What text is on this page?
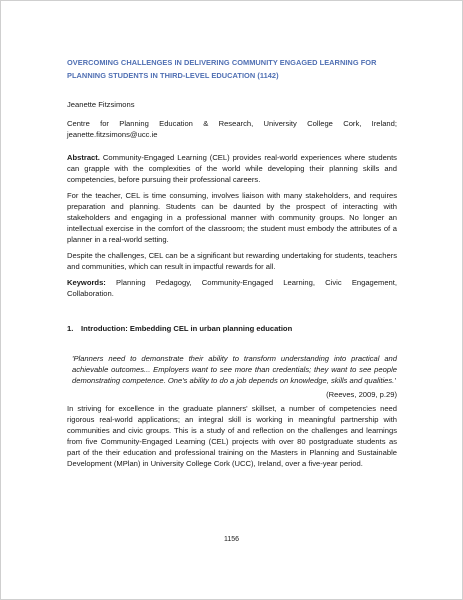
OVERCOMING CHALLENGES IN DELIVERING COMMUNITY ENGAGED LEARNING FOR PLANNING STUDENTS IN THIRD-LEVEL EDUCATION (1142)
Jeanette Fitzsimons
Centre for Planning Education & Research, University College Cork, Ireland; jeanette.fitzsimons@ucc.ie
Abstract. Community-Engaged Learning (CEL) provides real-world experiences where students can grapple with the complexities of the world while developing their planning skills and competencies, before pursuing their professional careers.
For the teacher, CEL is time consuming, involves liaison with many stakeholders, and requires preparation and planning. Students can be daunted by the prospect of interacting with stakeholders and engaging in a professional manner with community groups. No longer an intellectual exercise in the comfort of the classroom; the student must embody the attributes of a planner in a real-world setting.
Despite the challenges, CEL can be a significant but rewarding undertaking for students, teachers and communities, which can result in impactful rewards for all.
Keywords: Planning Pedagogy, Community-Engaged Learning, Civic Engagement, Collaboration.
1. Introduction: Embedding CEL in urban planning education
'Planners need to demonstrate their ability to transform understanding into practical and achievable outcomes... Employers want to see more than credentials; they want to see people demonstrating competence. One's ability to do a job depends on knowledge, skills and qualities.'
(Reeves, 2009, p.29)
In striving for excellence in the graduate planners' skillset, a number of competencies need rigorous real-world applications; an integral skill is working in meaningful partnership with communities and civic groups. This is a study of and reflection on the challenges and learnings from five Community-Engaged Learning (CEL) projects with over 80 postgraduate students as part of the their education and professional training on the Masters in Planning and Sustainable Development (MPlan) in University College Cork (UCC), Ireland, over a five-year period.
1156
